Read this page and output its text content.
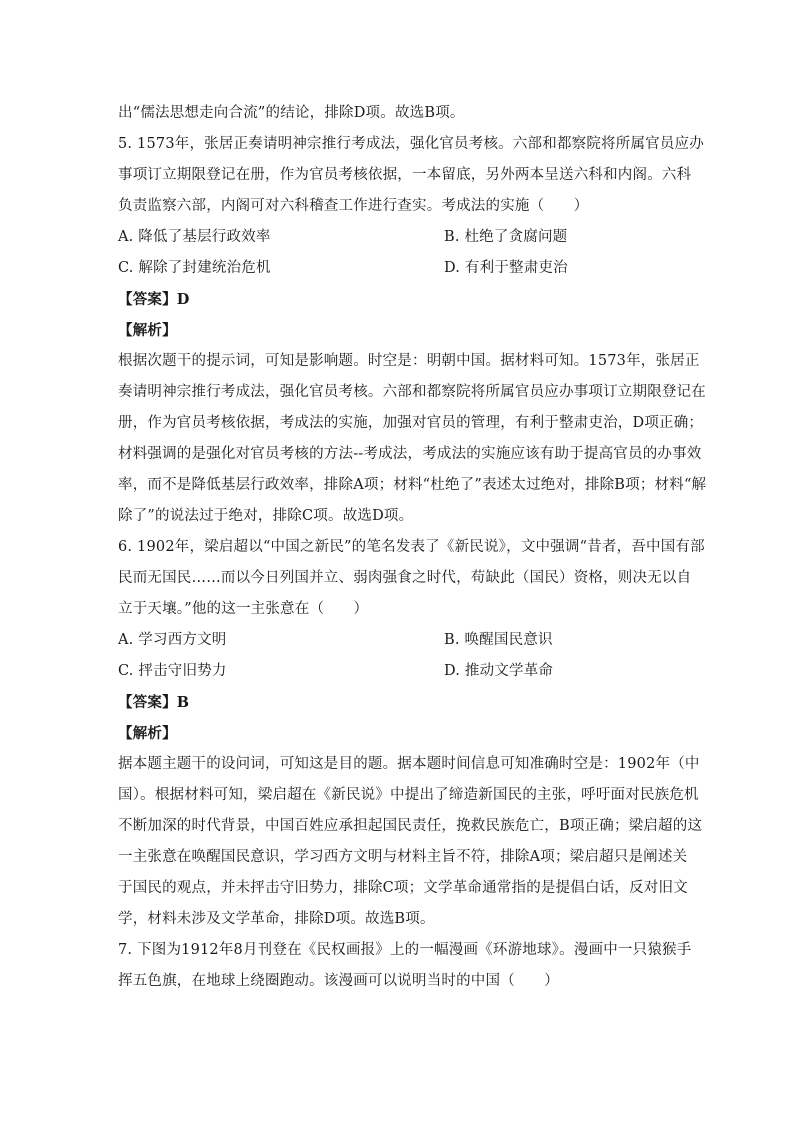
出“儒法思想走向合流”的结论，排除D项。故选B项。
5. 1573年，张居正奏请明神宗推行考成法，强化官员考核。六部和都察院将所属官员应办
事项订立期限登记在册，作为官员考核依据，一本留底，另外两本呈送六科和内阁。六科
负责监察六部，内阁可对六科稽查工作进行查实。考成法的实施（　　）
A. 降低了基层行政效率	B. 杜绝了贪腐问题
C. 解除了封建统治危机	D. 有利于整肃吏治
【答案】D
【解析】
根据次题干的提示词，可知是影响题。时空是：明朝中国。据材料可知。1573年，张居正
奏请明神宗推行考成法，强化官员考核。六部和都察院将所属官员应办事项订立期限登记在
册，作为官员考核依据，考成法的实施，加强对官员的管理，有利于整肃吏治，D项正确；
材料强调的是强化对官员考核的方法--考成法，考成法的实施应该有助于提高官员的办事效
率，而不是降低基层行政效率，排除A项；材料“杜绝了”表述太过绝对，排除B项；材料“解
除了”的说法过于绝对，排除C项。故选D项。
6. 1902年，梁启超以“中国之新民”的笔名发表了《新民说》，文中强调“昔者，吾中国有部
民而无国民……而以今日列国并立、弱肉强食之时代，苟缺此（国民）资格，则决无以自
立于天壤。”他的这一主张意在（　　）
A. 学习西方文明	B. 唤醒国民意识
C. 抨击守旧势力	D. 推动文学革命
【答案】B
【解析】
据本题主题干的设问词，可知这是目的题。据本题时间信息可知准确时空是：1902年（中
国）。根据材料可知，梁启超在《新民说》中提出了缔造新国民的主张，呼吁面对民族危机
不断加深的时代背景，中国百姓应承担起国民责任，挽救民族危亡，B项正确；梁启超的这
一主张意在唤醒国民意识，学习西方文明与材料主旨不符，排除A项；梁启超只是阐述关
于国民的观点，并未抨击守旧势力，排除C项；文学革命通常指的是提倡白话，反对旧文
学，材料未涉及文学革命，排除D项。故选B项。
7. 下图为1912年8月刊登在《民权画报》上的一幅漫画《环游地球》。漫画中一只猿猴手
挥五色旗，在地球上绕圈跑动。该漫画可以说明当时的中国（　　）
